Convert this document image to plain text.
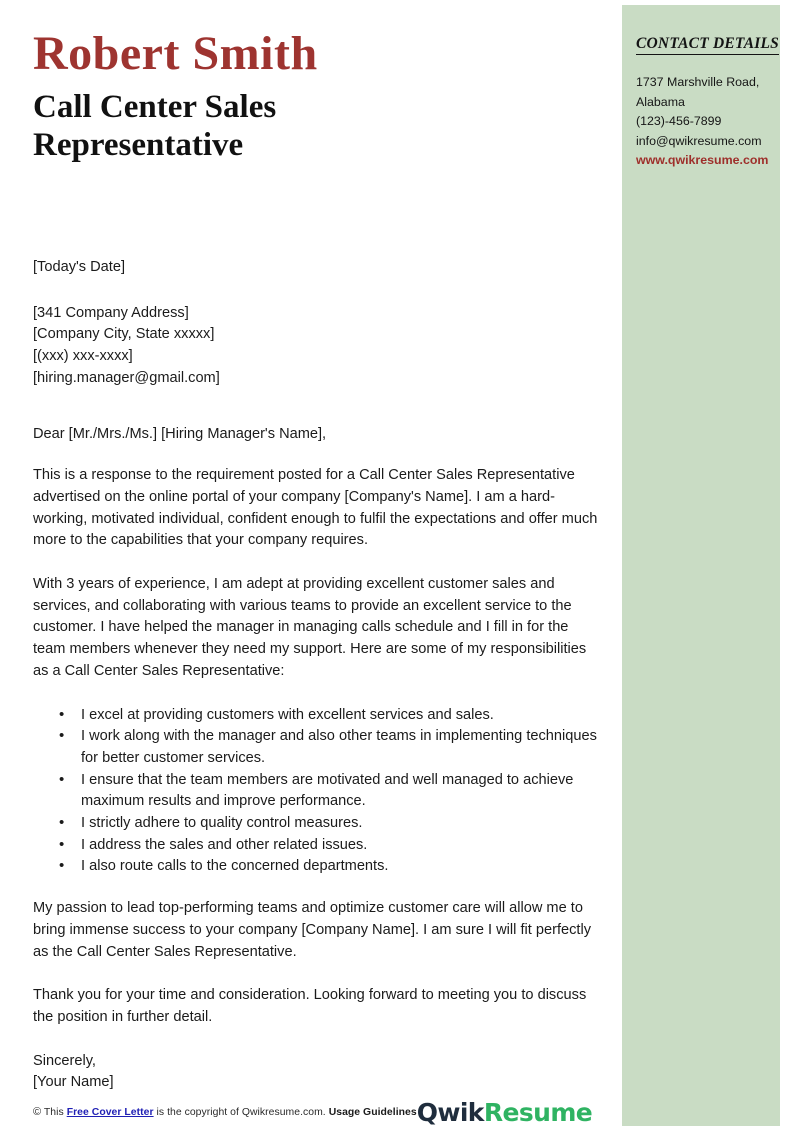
CONTACT DETAILS
1737 Marshville Road,
Alabama
(123)-456-7899
info@qwikresume.com
www.qwikresume.com
Robert Smith
Call Center Sales Representative
[Today's Date]
[341 Company Address]
[Company City, State xxxxx]
[(xxx) xxx-xxxx]
[hiring.manager@gmail.com]
Dear [Mr./Mrs./Ms.] [Hiring Manager's Name],

This is a response to the requirement posted for a Call Center Sales Representative advertised on the online portal of your company [Company's Name]. I am a hard-working, motivated individual, confident enough to fulfil the expectations and offer much more to the capabilities that your company requires.

With 3 years of experience, I am adept at providing excellent customer sales and services, and collaborating with various teams to provide an excellent service to the customer. I have helped the manager in managing calls schedule and I fill in for the team members whenever they need my support. Here are some of my responsibilities as a Call Center Sales Representative:

• I excel at providing customers with excellent services and sales.
• I work along with the manager and also other teams in implementing techniques for better customer services.
• I ensure that the team members are motivated and well managed to achieve maximum results and improve performance.
• I strictly adhere to quality control measures.
• I address the sales and other related issues.
• I also route calls to the concerned departments.

My passion to lead top-performing teams and optimize customer care will allow me to bring immense success to your company [Company Name]. I am sure I will fit perfectly as the Call Center Sales Representative.

Thank you for your time and consideration. Looking forward to meeting you to discuss the position in further detail.

Sincerely,
[Your Name]
© This Free Cover Letter is the copyright of Qwikresume.com. Usage Guidelines Qwik Resume
